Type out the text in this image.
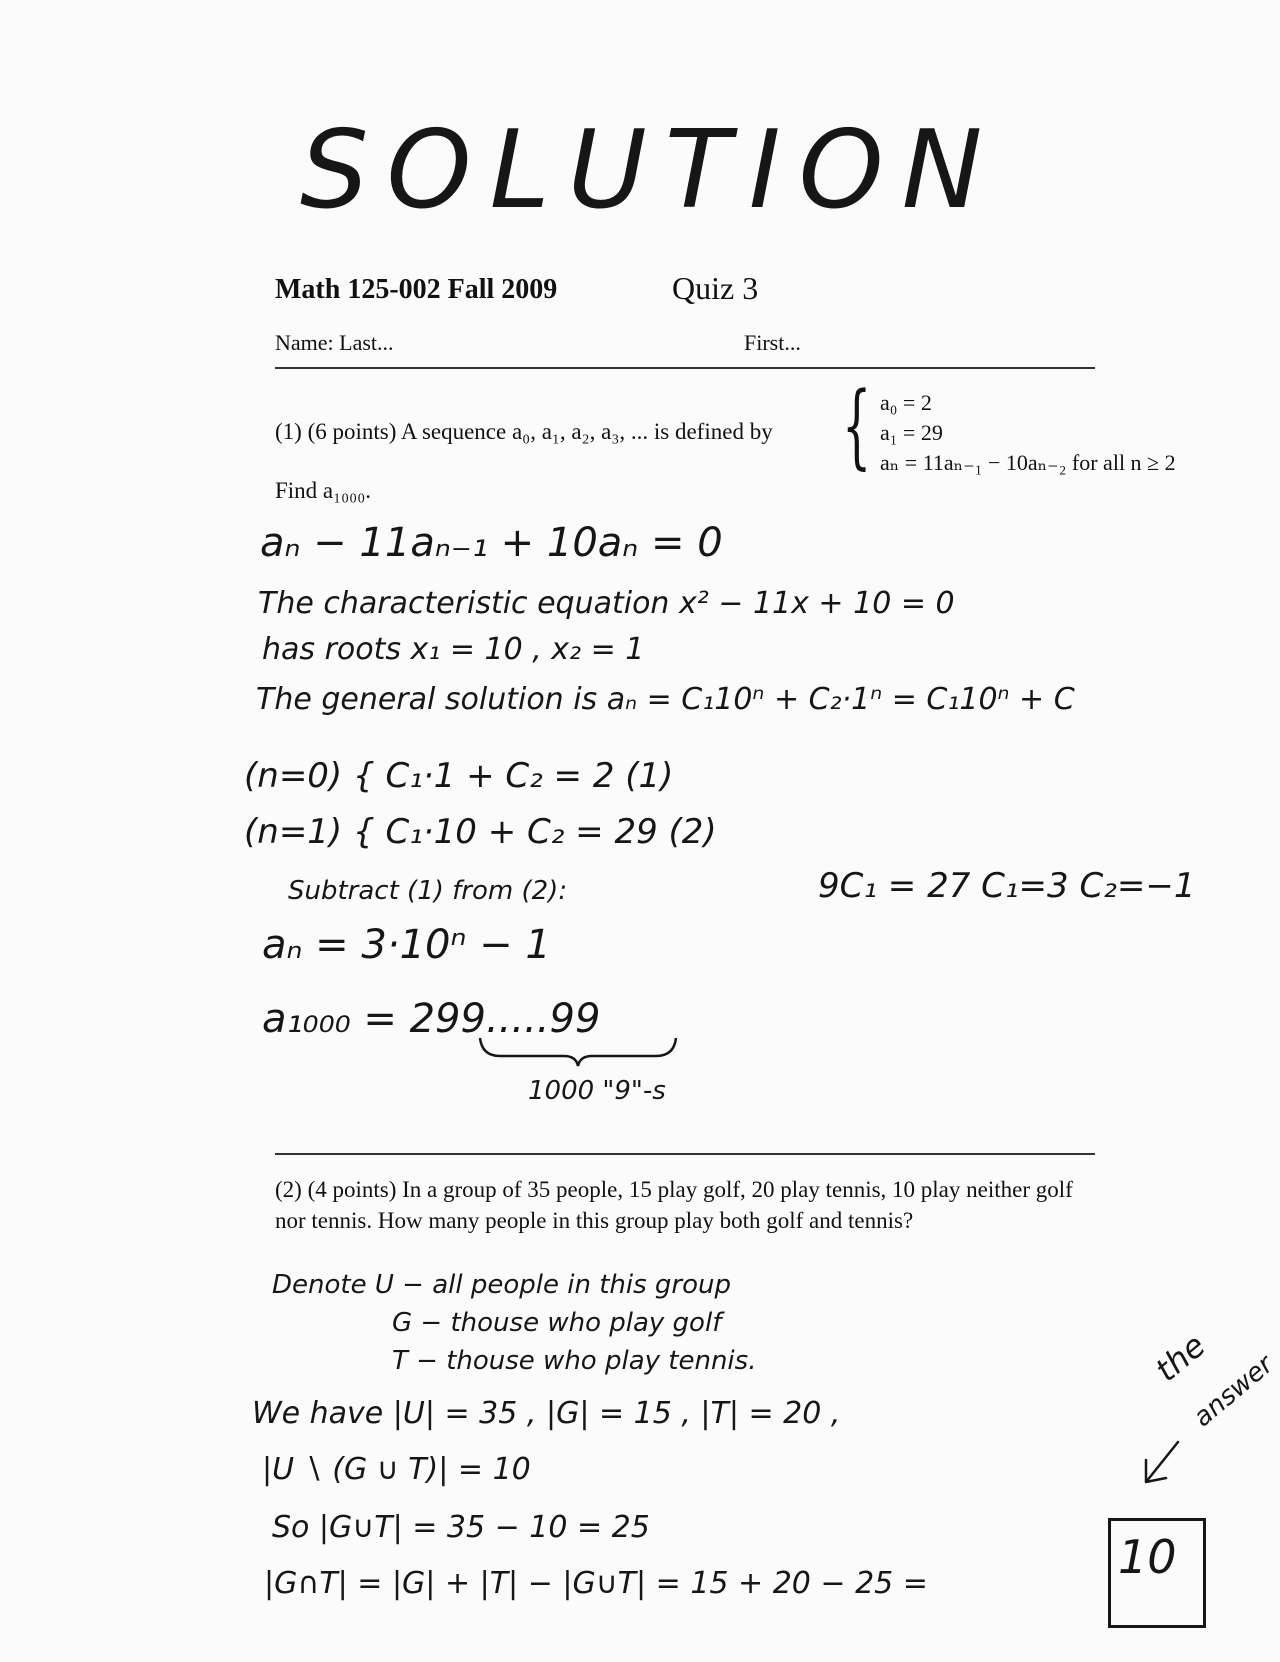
SOLUTION
Math 125-002 Fall 2009	Quiz 3
Name: Last...	First...
(1) (6 points) A sequence a₀, a₁, a₂, a₃, ... is defined by { a₀ = 2
a₁ = 29
aₙ = 11aₙ₋₁ − 10aₙ₋₂ for all n ≥ 2
Find a₁₀₀₀.
aₙ − 11aₙ₋₁ + 10aₙ = 0
The characteristic equation x² − 11x + 10 = 0
has roots x₁ = 10 , x₂ = 1
The general solution is aₙ = C₁10ⁿ + C₂·1ⁿ = C₁10ⁿ + C
(n=0) { C₁·1 + C₂ = 2 (1)
(n=1) { C₁·10 + C₂ = 29 (2)
Subtract (1) from (2):	9C₁ = 27 C₁=3 C₂=−1
aₙ = 3·10ⁿ − 1
a₁₀₀₀ = 299.....99
1000 "9"-s
(2) (4 points) In a group of 35 people, 15 play golf, 20 play tennis, 10 play neither golf nor tennis. How many people in this group play both golf and tennis?
Denote U − all people in this group
G − thouse who play golf
T − thouse who play tennis.
We have |U| = 35 , |G| = 15 , |T| = 20 ,
|U ∖ (G ∪ T)| = 10
So |G∪T| = 35 − 10 = 25
|G∩T| = |G| + |T| − |G∪T| = 15 + 20 − 25 =	10
the
answer
